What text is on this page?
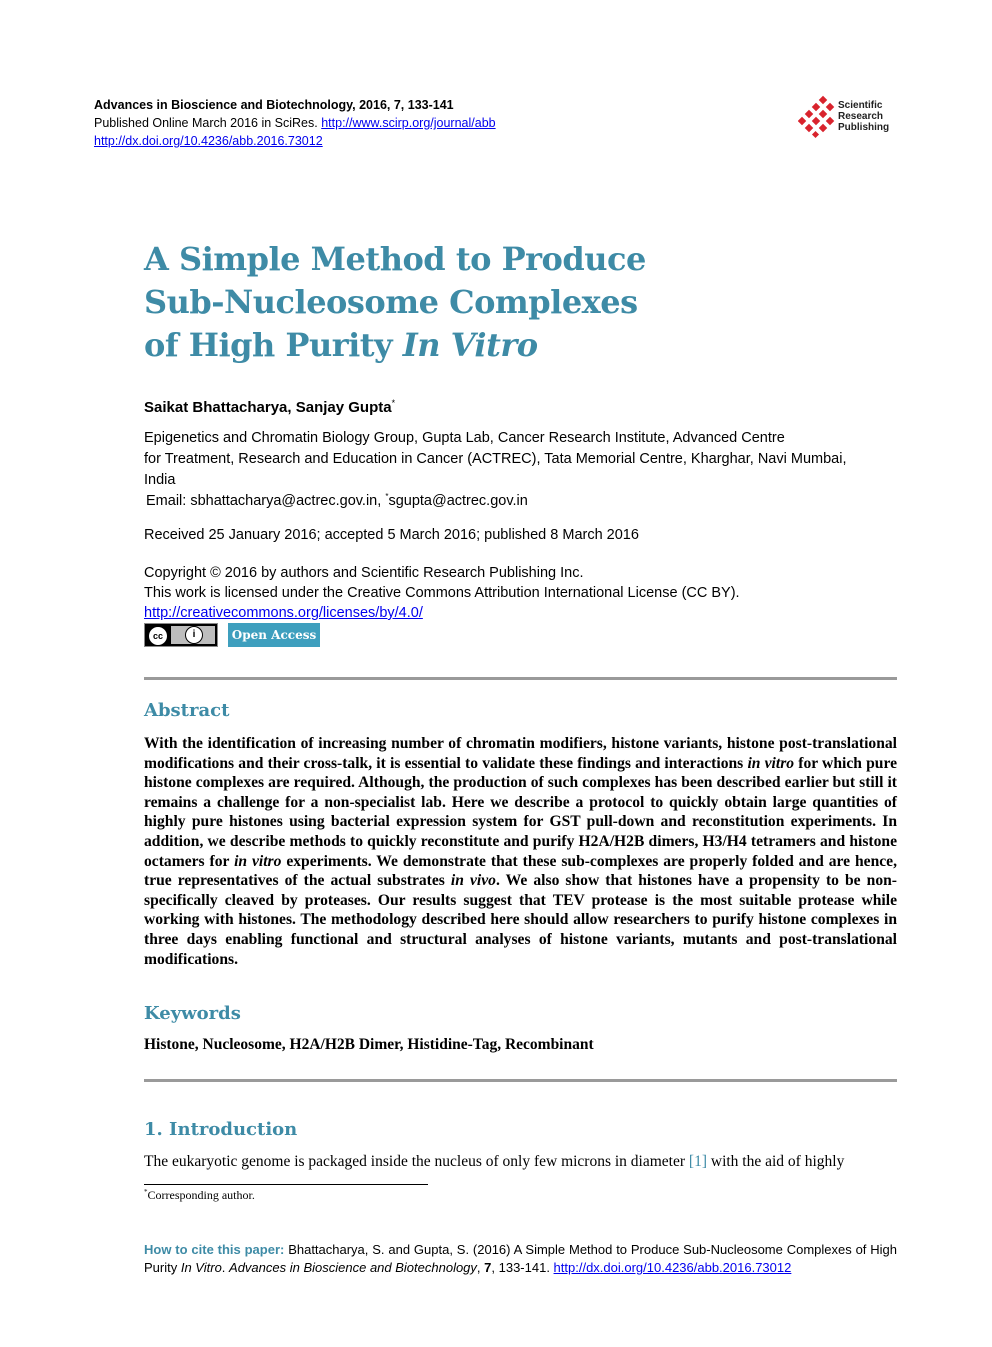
Advances in Bioscience and Biotechnology, 2016, 7, 133-141
Published Online March 2016 in SciRes. http://www.scirp.org/journal/abb
http://dx.doi.org/10.4236/abb.2016.73012
Scientific
Research
Publishing
A Simple Method to Produce
Sub-Nucleosome Complexes
of High Purity In Vitro
Saikat Bhattacharya, Sanjay Gupta*
Epigenetics and Chromatin Biology Group, Gupta Lab, Cancer Research Institute, Advanced Centre
for Treatment, Research and Education in Cancer (ACTREC), Tata Memorial Centre, Kharghar, Navi Mumbai,
India
Email: sbhattacharya@actrec.gov.in, *sgupta@actrec.gov.in
Received 25 January 2016; accepted 5 March 2016; published 8 March 2016
Copyright © 2016 by authors and Scientific Research Publishing Inc.
This work is licensed under the Creative Commons Attribution International License (CC BY).
http://creativecommons.org/licenses/by/4.0/
cc	i	Open Access
Abstract

With the identification of increasing number of chromatin modifiers, histone variants, histone post-translational modifications and their cross-talk, it is essential to validate these findings and interactions in vitro for which pure histone complexes are required. Although, the production of such complexes has been described earlier but still it remains a challenge for a non-specialist lab. Here we describe a protocol to quickly obtain large quantities of highly pure histones using bacterial expression system for GST pull-down and reconstitution experiments. In addition, we describe methods to quickly reconstitute and purify H2A/H2B dimers, H3/H4 tetramers and histone octamers for in vitro experiments. We demonstrate that these sub-complexes are properly folded and are hence, true representatives of the actual substrates in vivo. We also show that histones have a propensity to be non-specifically cleaved by proteases. Our results suggest that TEV protease is the most suitable protease while working with histones. The methodology described here should allow researchers to purify histone complexes in three days enabling functional and structural analyses of histone variants, mutants and post-translational modifications.

Keywords
Histone, Nucleosome, H2A/H2B Dimer, Histidine-Tag, Recombinant
1. Introduction

The eukaryotic genome is packaged inside the nucleus of only few microns in diameter [1] with the aid of highly

*Corresponding author.
How to cite this paper: Bhattacharya, S. and Gupta, S. (2016) A Simple Method to Produce Sub-Nucleosome Complexes of High Purity In Vitro. Advances in Bioscience and Biotechnology, 7, 133-141. http://dx.doi.org/10.4236/abb.2016.73012
